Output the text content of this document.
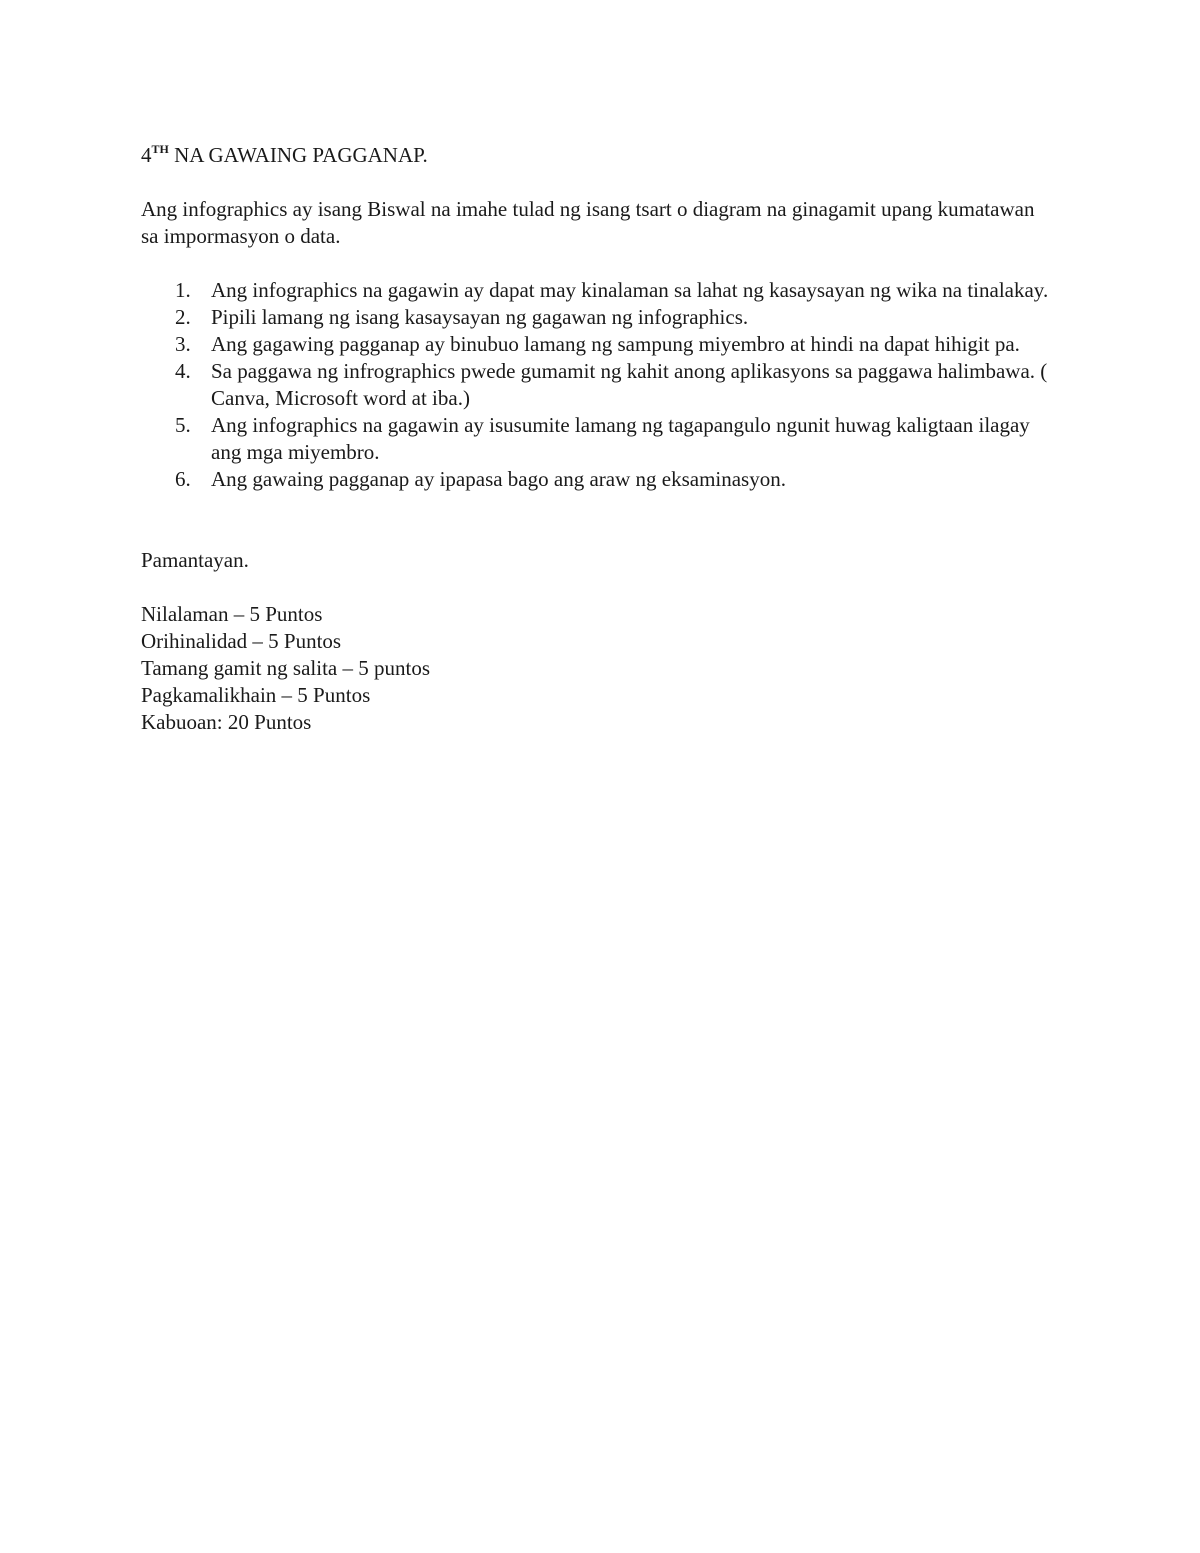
4TH NA GAWAING PAGGANAP.

Ang infographics ay isang Biswal na imahe tulad ng isang tsart o diagram na ginagamit upang kumatawan sa impormasyon o data.

1. Ang infographics na gagawin ay dapat may kinalaman sa lahat ng kasaysayan ng wika na tinalakay.
2. Pipili lamang ng isang kasaysayan ng gagawan ng infographics.
3. Ang gagawing pagganap ay binubuo lamang ng sampung miyembro at hindi na dapat hihigit pa.
4. Sa paggawa ng infrographics pwede gumamit ng kahit anong aplikasyons sa paggawa halimbawa. ( Canva, Microsoft word at iba.)
5. Ang infographics na gagawin ay isusumite lamang ng tagapangulo ngunit huwag kaligtaan ilagay ang mga miyembro.
6. Ang gawaing pagganap ay ipapasa bago ang araw ng eksaminasyon.

Pamantayan.

Nilalaman – 5 Puntos
Orihinalidad – 5 Puntos
Tamang gamit ng salita – 5 puntos
Pagkamalikhain – 5 Puntos
Kabuoan: 20 Puntos
